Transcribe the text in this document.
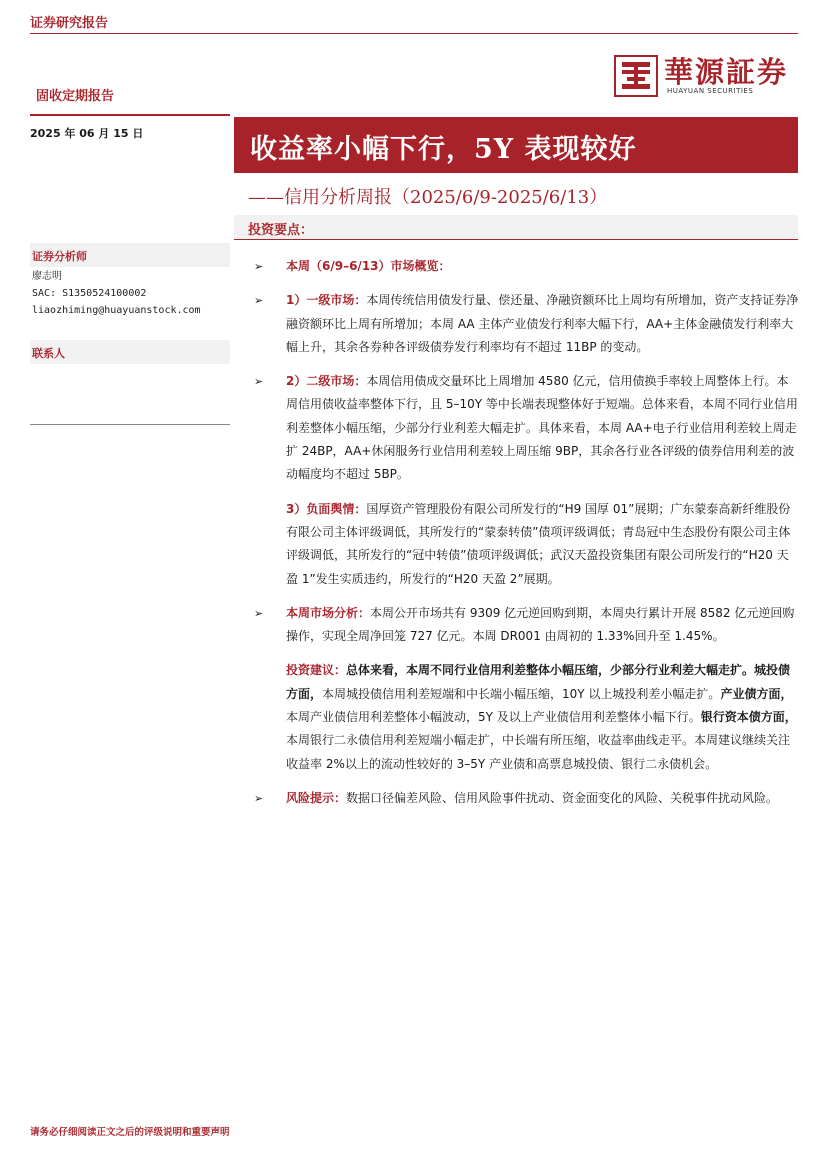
证券研究报告
固收定期报告
華源証券
HUAYUAN SECURITIES
2025 年 06 月 15 日
收益率小幅下行，5Y 表现较好
——信用分析周报（2025/6/9-2025/6/13）
投资要点：
证券分析师
廖志明
SAC: S1350524100002
liaozhiming@huayuanstock.com
联系人
➢ 本周（6/9–6/13）市场概览：
➢ 1）一级市场：本周传统信用债发行量、偿还量、净融资额环比上周均有所增加，资产支持证券净融资额环比上周有所增加；本周 AA 主体产业债发行利率大幅下行，AA+主体金融债发行利率大幅上升，其余各券种各评级债券发行利率均有不超过 11BP 的变动。
➢ 2）二级市场：本周信用债成交量环比上周增加 4580 亿元，信用债换手率较上周整体上行。本周信用债收益率整体下行，且 5–10Y 等中长端表现整体好于短端。总体来看，本周不同行业信用利差整体小幅压缩，少部分行业利差大幅走扩。具体来看，本周 AA+电子行业信用利差较上周走扩 24BP，AA+休闲服务行业信用利差较上周压缩 9BP，其余各行业各评级的债券信用利差的波动幅度均不超过 5BP。
3）负面舆情：国厚资产管理股份有限公司所发行的“H9 国厚 01”展期；广东蒙泰高新纤维股份有限公司主体评级调低，其所发行的“蒙泰转债”债项评级调低；青岛冠中生态股份有限公司主体评级调低，其所发行的“冠中转债”债项评级调低；武汉天盈投资集团有限公司所发行的“H20 天盈 1”发生实质违约，所发行的“H20 天盈 2”展期。
➢ 本周市场分析：本周公开市场共有 9309 亿元逆回购到期，本周央行累计开展 8582 亿元逆回购操作，实现全周净回笼 727 亿元。本周 DR001 由周初的 1.33%回升至 1.45%。
投资建议：总体来看，本周不同行业信用利差整体小幅压缩，少部分行业利差大幅走扩。城投债方面，本周城投债信用利差短端和中长端小幅压缩，10Y 以上城投利差小幅走扩。产业债方面，本周产业债信用利差整体小幅波动，5Y 及以上产业债信用利差整体小幅下行。银行资本债方面，本周银行二永债信用利差短端小幅走扩，中长端有所压缩，收益率曲线走平。本周建议继续关注收益率 2%以上的流动性较好的 3–5Y 产业债和高票息城投债、银行二永债机会。
➢ 风险提示：数据口径偏差风险、信用风险事件扰动、资金面变化的风险、关税事件扰动风险。
请务必仔细阅读正文之后的评级说明和重要声明
